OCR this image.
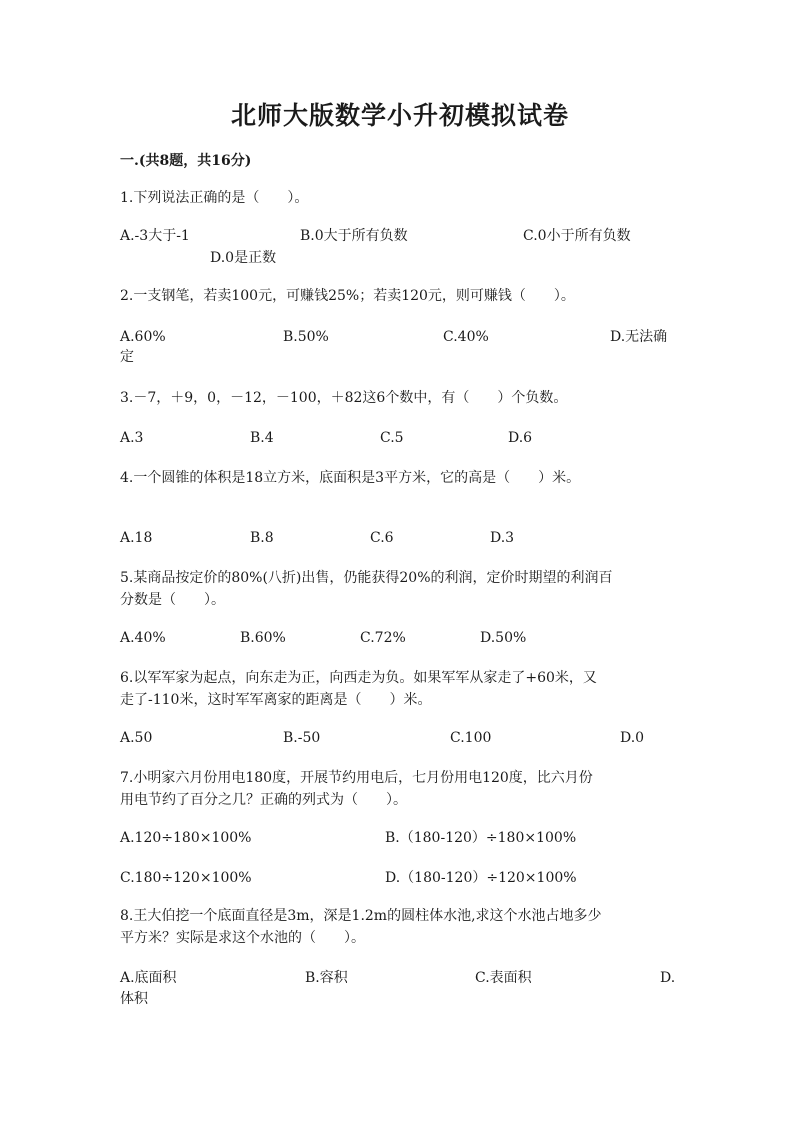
北师大版数学小升初模拟试卷
一.(共8题，共16分)
1.下列说法正确的是（　　）。
A.-3大于-1	B.0大于所有负数	C.0小于所有负数
D.0是正数
2.一支钢笔，若卖100元，可赚钱25%；若卖120元，则可赚钱（　　）。
A.60%	B.50%	C.40%	D.无法确
定
3.－7，＋9，0，－12，－100，＋82这6个数中，有（　　）个负数。
A.3	B.4	C.5	D.6
4.一个圆锥的体积是18立方米，底面积是3平方米，它的高是（　　）米。
A.18	B.8	C.6	D.3
5.某商品按定价的80%(八折)出售，仍能获得20%的利润，定价时期望的利润百
分数是（　　）。
A.40%	B.60%	C.72%	D.50%
6.以军军家为起点，向东走为正，向西走为负。如果军军从家走了+60米，又
走了-110米，这时军军离家的距离是（　　）米。
A.50	B.-50	C.100	D.0
7.小明家六月份用电180度，开展节约用电后，七月份用电120度，比六月份
用电节约了百分之几？正确的列式为（　　）。
A.120÷180×100%	B.（180-120）÷180×100%
C.180÷120×100%	D.（180-120）÷120×100%
8.王大伯挖一个底面直径是3m，深是1.2m的圆柱体水池,求这个水池占地多少
平方米？实际是求这个水池的（　　）。
A.底面积	B.容积	C.表面积	D.
体积
